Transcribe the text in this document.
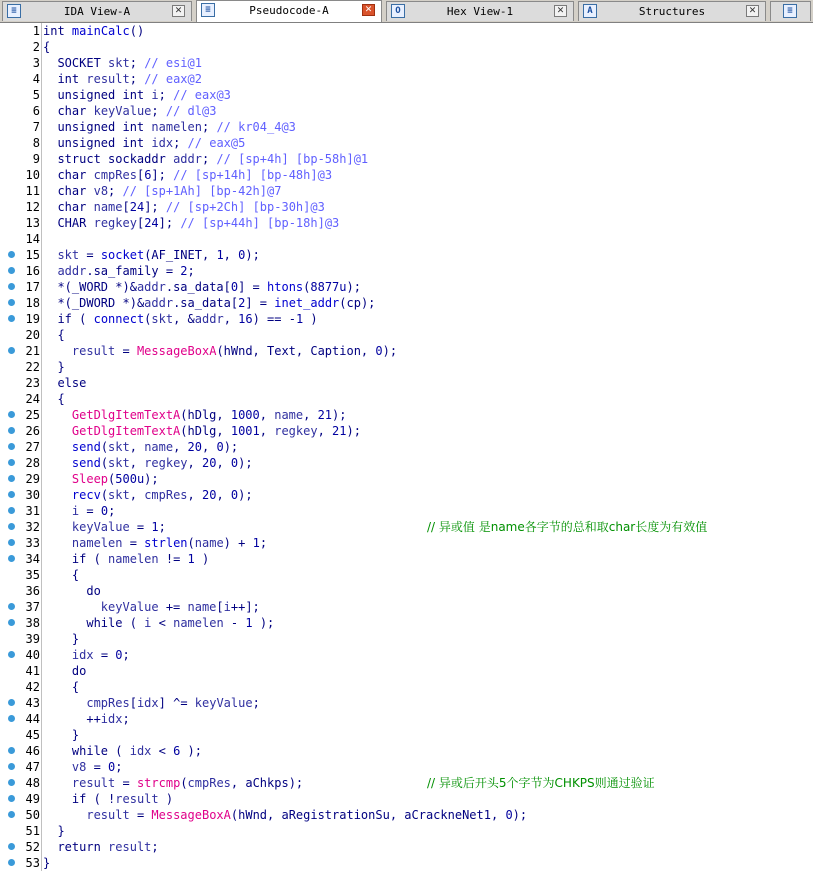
≡	IDA View-A	✕	≡	Pseudocode-A	✕	O	Hex View-1	✕	A	Structures	✕	≡
1 int mainCalc()
2 {
3	SOCKET skt; // esi@1
4	int result; // eax@2
5	unsigned int i; // eax@3
6	char keyValue; // dl@3
7	unsigned int namelen; // kr04_4@3
8	unsigned int idx; // eax@5
9	struct sockaddr addr; // [sp+4h] [bp-58h]@1
10	char cmpRes[6]; // [sp+14h] [bp-48h]@3
11	char v8; // [sp+1Ah] [bp-42h]@7
12	char name[24]; // [sp+2Ch] [bp-30h]@3
13	CHAR regkey[24]; // [sp+44h] [bp-18h]@3
14
15	skt = socket(AF_INET, 1, 0);
16	addr.sa_family = 2;
17 *(_WORD *)&addr.sa_data[0] = htons(8877u);
18 *(_DWORD *)&addr.sa_data[2] = inet_addr(cp);
19	if ( connect(skt, &addr, 16) == -1 )
20 {
21	result = MessageBoxA(hWnd, Text, Caption, 0);
22 }
23	else
24 {
25	GetDlgItemTextA(hDlg, 1000, name, 21);
26	GetDlgItemTextA(hDlg, 1001, regkey, 21);
27	send(skt, name, 20, 0);
28	send(skt, regkey, 20, 0);
29	Sleep(500u);
30	recv(skt, cmpRes, 20, 0);
31	i = 0;
32	keyValue = 1;	// 异或值 是name各字节的总和取char长度为有效值
33	namelen = strlen(name) + 1;
34	if ( namelen != 1 )
35 {
36	do
37	keyValue += name[i++];
38	while ( i < namelen - 1 );
39 }
40	idx = 0;
41	do
42 {
43	cmpRes[idx] ^= keyValue;
44 ++idx;
45 }
46	while ( idx < 6 );
47	v8 = 0;
48	result = strcmp(cmpRes, aChkps);	// 异或后开头5个字节为CHKPS则通过验证
49	if ( !result )
50	result = MessageBoxA(hWnd, aRegistrationSu, aCrackneNet1, 0);
51 }
52	return result;
53 }
